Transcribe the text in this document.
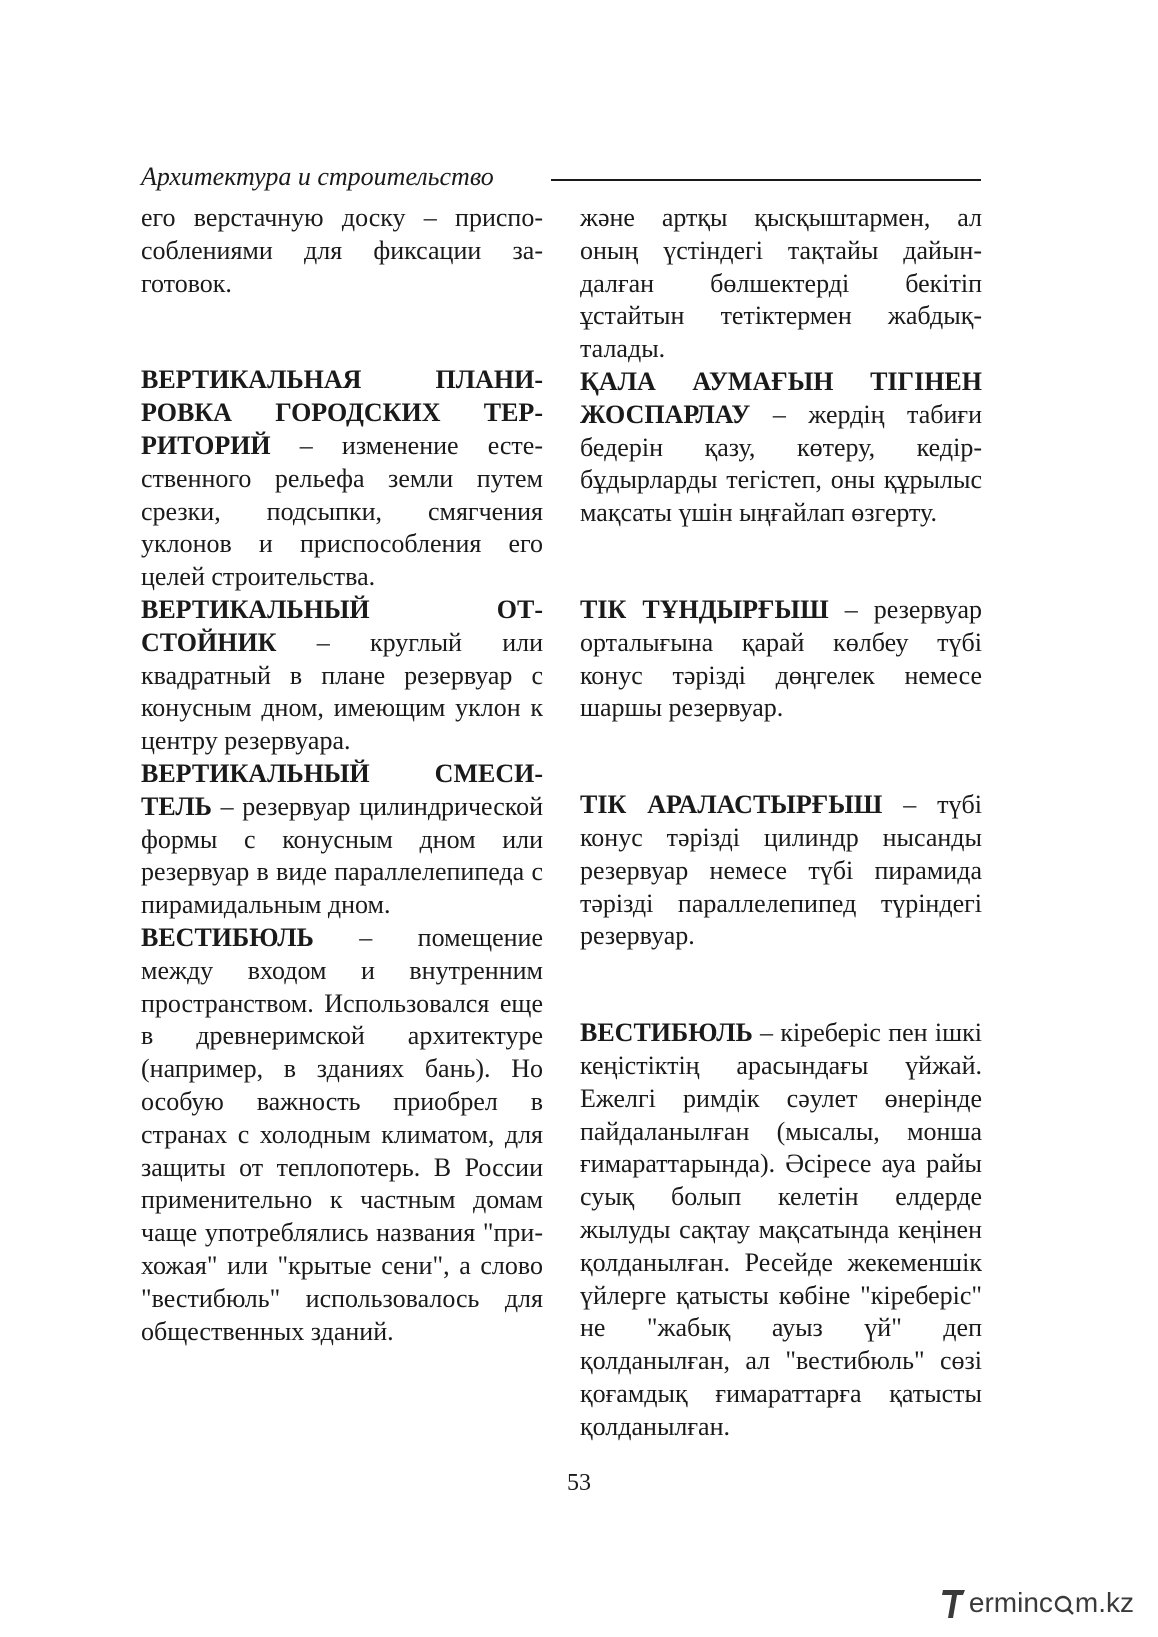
Архитектура и строительство

его верстачную доску – приспособлениями для фиксации заготовок.

ВЕРТИКАЛЬНАЯ ПЛАНИРОВКА ГОРОДСКИХ ТЕРРИТОРИЙ – изменение естественного рельефа земли путем срезки, подсыпки, смягчения уклонов и приспособления его целей строительства.

ВЕРТИКАЛЬНЫЙ ОТСТОЙНИК – круглый или квадратный в плане резервуар с конусным дном, имеющим уклон к центру резервуара.

ВЕРТИКАЛЬНЫЙ СМЕСИТЕЛЬ – резервуар цилиндрической формы с конусным дном или резервуар в виде параллелепипеда с пирамидальным дном.

ВЕСТИБЮЛЬ – помещение между входом и внутренним пространством. Использовался еще в древнеримской архитектуре (например, в зданиях бань). Но особую важность приобрел в странах с холодным климатом, для защиты от теплопотерь. В России применительно к частным домам чаще употреблялись названия "прихожая" или "крытые сени", а слово "вестибюль" использовалось для общественных зданий.

және артқы қысқыштармен, ал оның үстіндегі тақтайы дайындалған бөлшектерді бекітіп ұстайтын тетіктермен жабдықталады.

ҚАЛА АУМАҒЫН ТІГІНЕН ЖОСПАРЛАУ – жердің табиғи бедерін қазу, көтеру, кедірбұдырларды тегістеп, оны құрылыс мақсаты үшін ыңғайлап өзгерту.

ТІК ТҰНДЫРҒЫШ – резервуар орталығына қарай көлбеу түбі конус тәрізді дөңгелек немесе шаршы резервуар.

ТІК АРАЛАСТЫРҒЫШ – түбі конус тәрізді цилиндр нысанды резервуар немесе түбі пирамида тәрізді параллелепипед түріндегі резервуар.

ВЕСТИБЮЛЬ – кіреберіс пен ішкі кеңістіктің арасындағы үйжай. Ежелгі римдік сәулет өнерінде пайдаланылған (мысалы, монша ғимараттарында). Әсіресе ауа райы суық болып келетін елдерде жылуды сақтау мақсатында кеңінен қолданылған. Ресейде жекеменшік үйлерге қатысты көбіне "кіреберіс" не "жабық ауыз үй" деп қолданылған, ал "вестибюль" сөзі қоғамдық ғимараттарға қатысты қолданылған.

53
erminc m.kz
